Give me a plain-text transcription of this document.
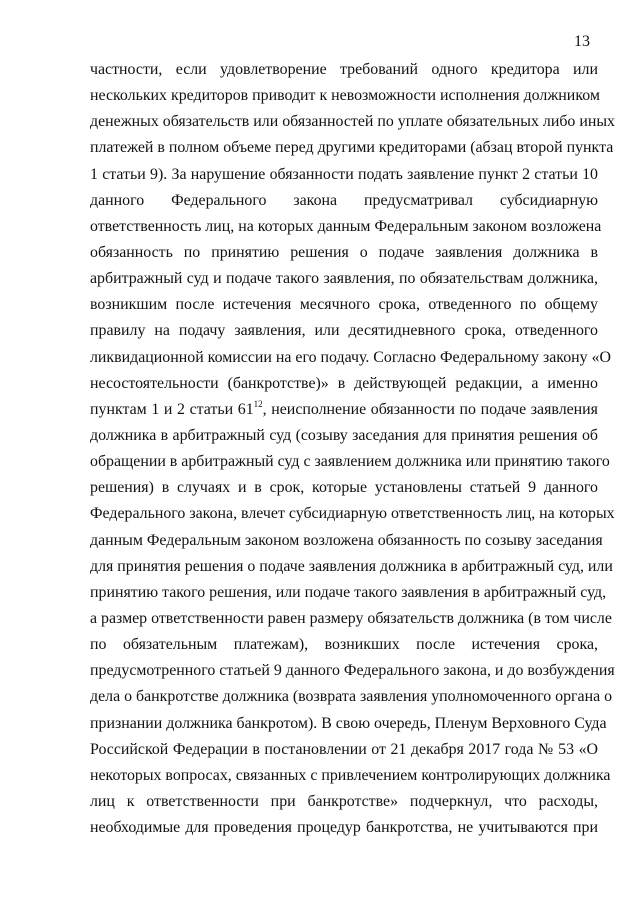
13
частности, если удовлетворение требований одного кредитора или
нескольких кредиторов приводит к невозможности исполнения должником
денежных обязательств или обязанностей по уплате обязательных либо иных
платежей в полном объеме перед другими кредиторами (абзац второй пункта
1 статьи 9). За нарушение обязанности подать заявление пункт 2 статьи 10
данного Федерального закона предусматривал субсидиарную
ответственность лиц, на которых данным Федеральным законом возложена
обязанность по принятию решения о подаче заявления должника в
арбитражный суд и подаче такого заявления, по обязательствам должника,
возникшим после истечения месячного срока, отведенного по общему
правилу на подачу заявления, или десятидневного срока, отведенного
ликвидационной комиссии на его подачу. Согласно Федеральному закону «О
несостоятельности (банкротстве)» в действующей редакции, а именно
пунктам 1 и 2 статьи $61^{12}$, неисполнение обязанности по подаче заявления
должника в арбитражный суд (созыву заседания для принятия решения об
обращении в арбитражный суд с заявлением должника или принятию такого
решения) в случаях и в срок, которые установлены статьей 9 данного
Федерального закона, влечет субсидиарную ответственность лиц, на которых
данным Федеральным законом возложена обязанность по созыву заседания
для принятия решения о подаче заявления должника в арбитражный суд, или
принятию такого решения, или подаче такого заявления в арбитражный суд,
а размер ответственности равен размеру обязательств должника (в том числе
по обязательным платежам), возникших после истечения срока,
предусмотренного статьей 9 данного Федерального закона, и до возбуждения
дела о банкротстве должника (возврата заявления уполномоченного органа о
признании должника банкротом). В свою очередь, Пленум Верховного Суда
Российской Федерации в постановлении от 21 декабря 2017 года № 53 «О
некоторых вопросах, связанных с привлечением контролирующих должника
лиц к ответственности при банкротстве» подчеркнул, что расходы,
необходимые для проведения процедур банкротства, не учитываются при
